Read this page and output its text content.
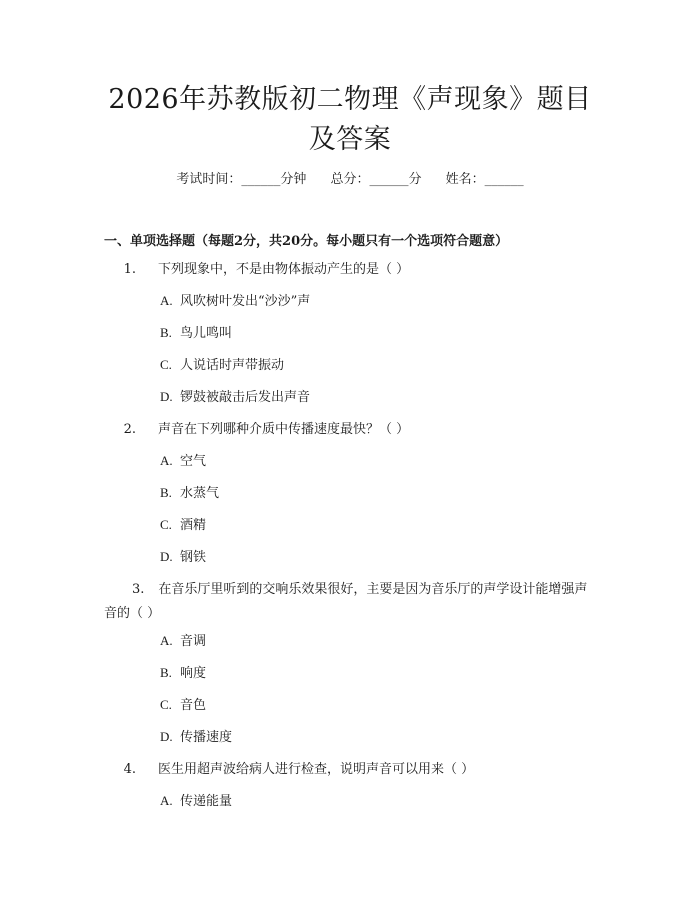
2026年苏教版初二物理《声现象》题目及答案
考试时间：______分钟 总分：______分 姓名：______
一、单项选择题（每题2分，共20分。每小题只有一个选项符合题意）
1. 下列现象中，不是由物体振动产生的是（ ）
A. 风吹树叶发出“沙沙”声
B. 鸟儿鸣叫
C. 人说话时声带振动
D. 锣鼓被敲击后发出声音
2. 声音在下列哪种介质中传播速度最快？（ ）
A. 空气
B. 水蒸气
C. 酒精
D. 钢铁
3. 在音乐厅里听到的交响乐效果很好，主要是因为音乐厅的声学设计能增强声音的（ ）
A. 音调
B. 响度
C. 音色
D. 传播速度
4. 医生用超声波给病人进行检查，说明声音可以用来（ ）
A. 传递能量
